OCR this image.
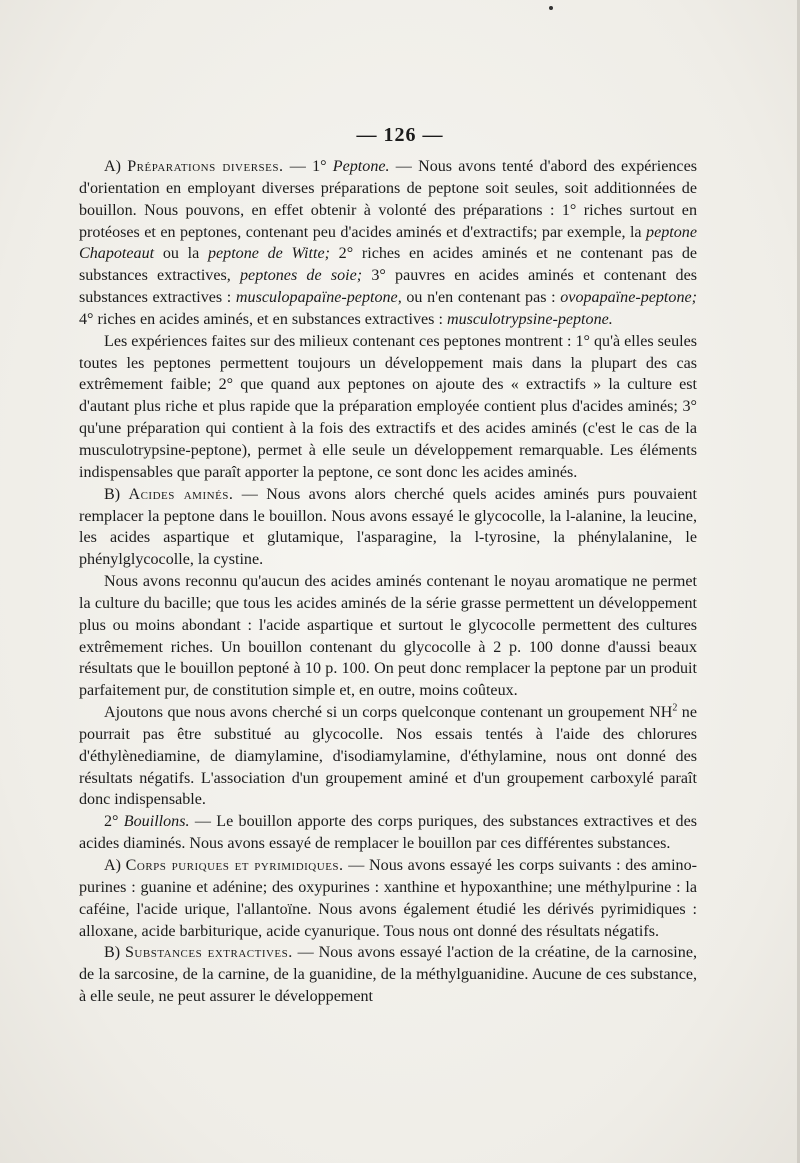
— 126 —

A) Préparations diverses. — 1° Peptone. — Nous avons tenté d'abord des expériences d'orientation en employant diverses préparations de peptone soit seules, soit additionnées de bouillon. Nous pouvons, en effet obtenir à volonté des préparations : 1° riches surtout en protéoses et en peptones, contenant peu d'acides aminés et d'extractifs; par exemple, la peptone Chapoteaut ou la peptone de Witte; 2° riches en acides aminés et ne contenant pas de substances extractives, peptones de soie; 3° pauvres en acides aminés et contenant des substances extractives : musculopapaïne-peptone, ou n'en contenant pas : ovopapaïne-peptone; 4° riches en acides aminés, et en substances extractives : musculotrypsine-peptone.

Les expériences faites sur des milieux contenant ces peptones montrent : 1° qu'à elles seules toutes les peptones permettent toujours un développement mais dans la plupart des cas extrêmement faible; 2° que quand aux peptones on ajoute des « extractifs » la culture est d'autant plus riche et plus rapide que la préparation employée contient plus d'acides aminés; 3° qu'une préparation qui contient à la fois des extractifs et des acides aminés (c'est le cas de la musculotrypsine-peptone), permet à elle seule un développement remarquable. Les éléments indispensables que paraît apporter la peptone, ce sont donc les acides aminés.

B) Acides aminés. — Nous avons alors cherché quels acides aminés purs pouvaient remplacer la peptone dans le bouillon. Nous avons essayé le glycocolle, la l-alanine, la leucine, les acides aspartique et glutamique, l'asparagine, la l-tyrosine, la phénylalanine, le phénylglycocolle, la cystine.

Nous avons reconnu qu'aucun des acides aminés contenant le noyau aromatique ne permet la culture du bacille; que tous les acides aminés de la série grasse permettent un développement plus ou moins abondant : l'acide aspartique et surtout le glycocolle permettent des cultures extrêmement riches. Un bouillon contenant du glycocolle à 2 p. 100 donne d'aussi beaux résultats que le bouillon peptoné à 10 p. 100. On peut donc remplacer la peptone par un produit parfaitement pur, de constitution simple et, en outre, moins coûteux.

Ajoutons que nous avons cherché si un corps quelconque contenant un groupement $NH^2$ ne pourrait pas être substitué au glycocolle. Nos essais tentés à l'aide des chlorures d'éthylènediamine, de diamylamine, d'isodiamylamine, d'éthylamine, nous ont donné des résultats négatifs. L'association d'un groupement aminé et d'un groupement carboxylé paraît donc indispensable.

2° Bouillons. — Le bouillon apporte des corps puriques, des substances extractives et des acides diaminés. Nous avons essayé de remplacer le bouillon par ces différentes substances.

A) Corps puriques et pyrimidiques. — Nous avons essayé les corps suivants : des amino-purines : guanine et adénine; des oxypurines : xanthine et hypoxanthine; une méthylpurine : la caféine, l'acide urique, l'allantoïne. Nous avons également étudié les dérivés pyrimidiques : alloxane, acide barbiturique, acide cyanurique. Tous nous ont donné des résultats négatifs.

B) Substances extractives. — Nous avons essayé l'action de la créatine, de la carnosine, de la sarcosine, de la carnine, de la guanidine, de la méthylguanidine. Aucune de ces substance, à elle seule, ne peut assurer le développement
